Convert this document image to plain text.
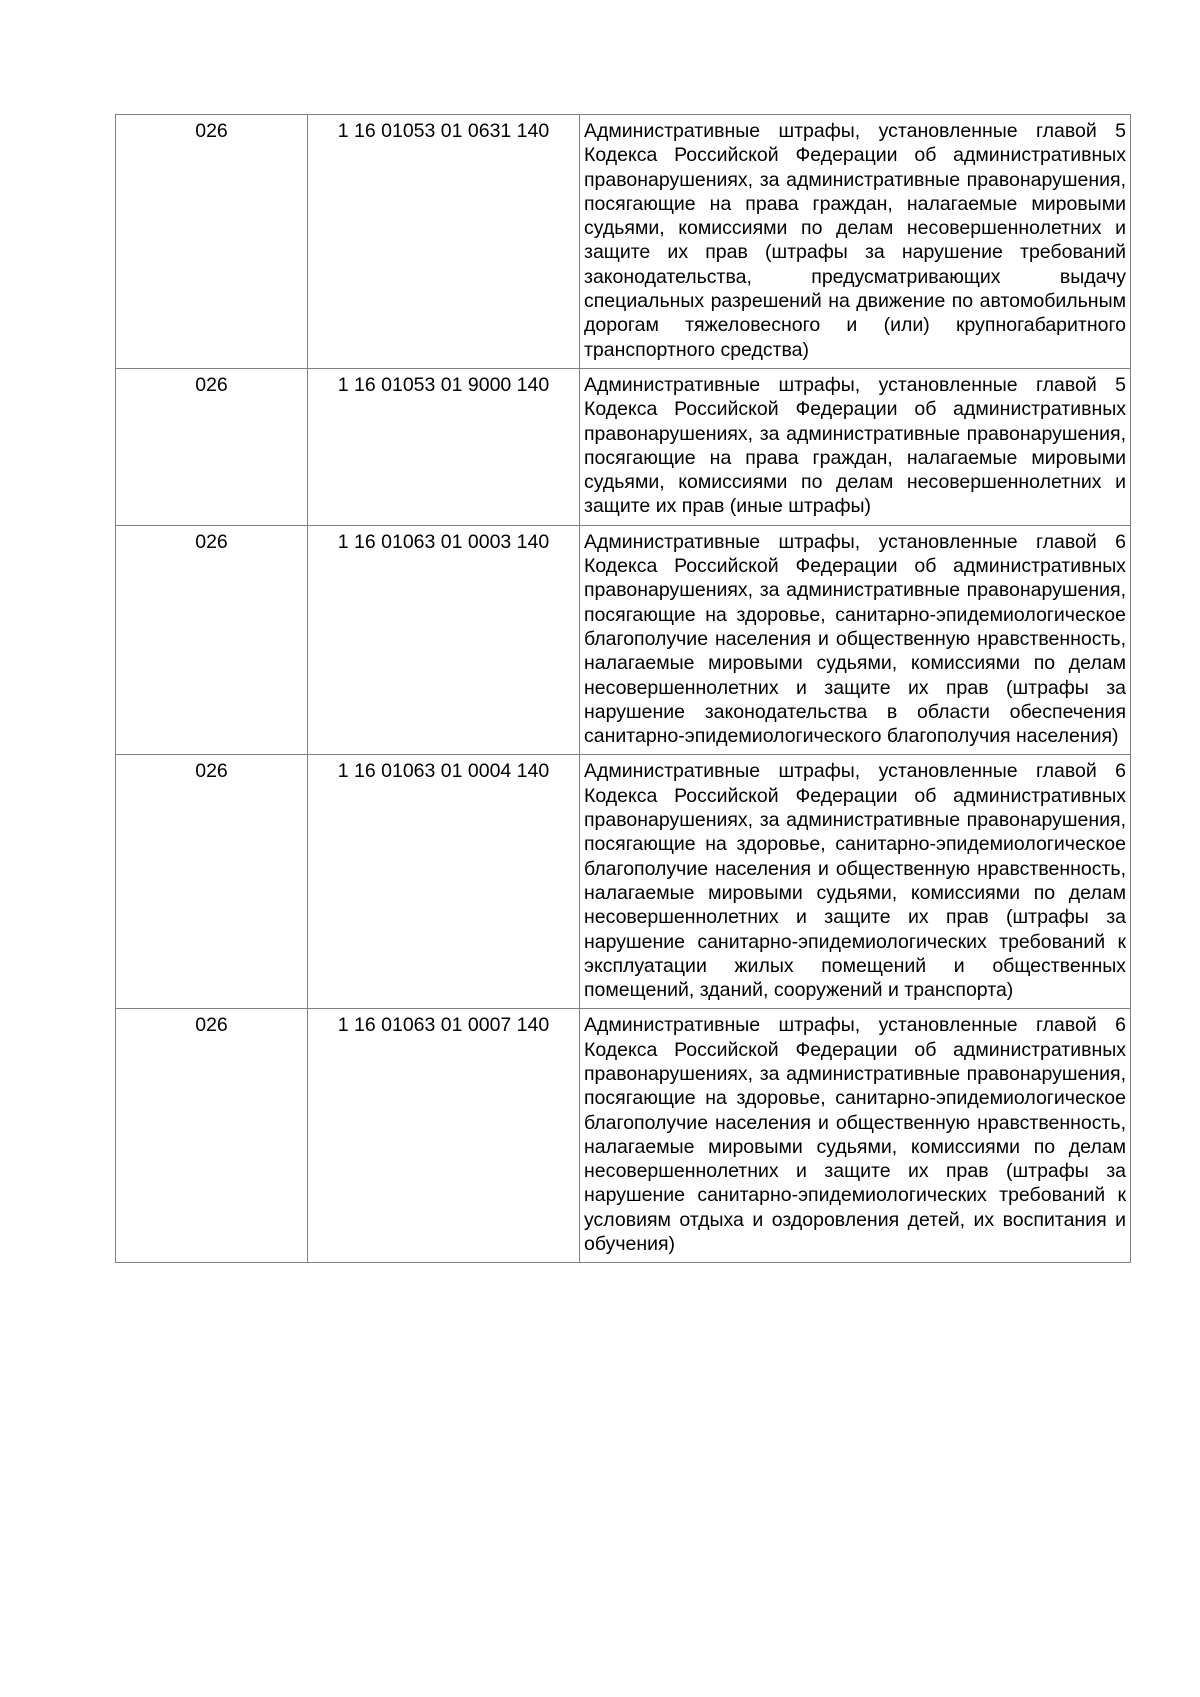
026	1 16 01053 01 0631 140	Административные штрафы, установленные главой 5 Кодекса Российской Федерации об административных правонарушениях, за административные правонарушения, посягающие на права граждан, налагаемые мировыми судьями, комиссиями по делам несовершеннолетних и защите их прав (штрафы за нарушение требований законодательства, предусматривающих выдачу специальных разрешений на движение по автомобильным дорогам тяжеловесного и (или) крупногабаритного транспортного средства)
026	1 16 01053 01 9000 140	Административные штрафы, установленные главой 5 Кодекса Российской Федерации об административных правонарушениях, за административные правонарушения, посягающие на права граждан, налагаемые мировыми судьями, комиссиями по делам несовершеннолетних и защите их прав (иные штрафы)
026	1 16 01063 01 0003 140	Административные штрафы, установленные главой 6 Кодекса Российской Федерации об административных правонарушениях, за административные правонарушения, посягающие на здоровье, санитарно-эпидемиологическое благополучие населения и общественную нравственность, налагаемые мировыми судьями, комиссиями по делам несовершеннолетних и защите их прав (штрафы за нарушение законодательства в области обеспечения санитарно-эпидемиологического благополучия населения)
026	1 16 01063 01 0004 140	Административные штрафы, установленные главой 6 Кодекса Российской Федерации об административных правонарушениях, за административные правонарушения, посягающие на здоровье, санитарно-эпидемиологическое благополучие населения и общественную нравственность, налагаемые мировыми судьями, комиссиями по делам несовершеннолетних и защите их прав (штрафы за нарушение санитарно-эпидемиологических требований к эксплуатации жилых помещений и общественных помещений, зданий, сооружений и транспорта)
026	1 16 01063 01 0007 140	Административные штрафы, установленные главой 6 Кодекса Российской Федерации об административных правонарушениях, за административные правонарушения, посягающие на здоровье, санитарно-эпидемиологическое благополучие населения и общественную нравственность, налагаемые мировыми судьями, комиссиями по делам несовершеннолетних и защите их прав (штрафы за нарушение санитарно-эпидемиологических требований к условиям отдыха и оздоровления детей, их воспитания и обучения)
